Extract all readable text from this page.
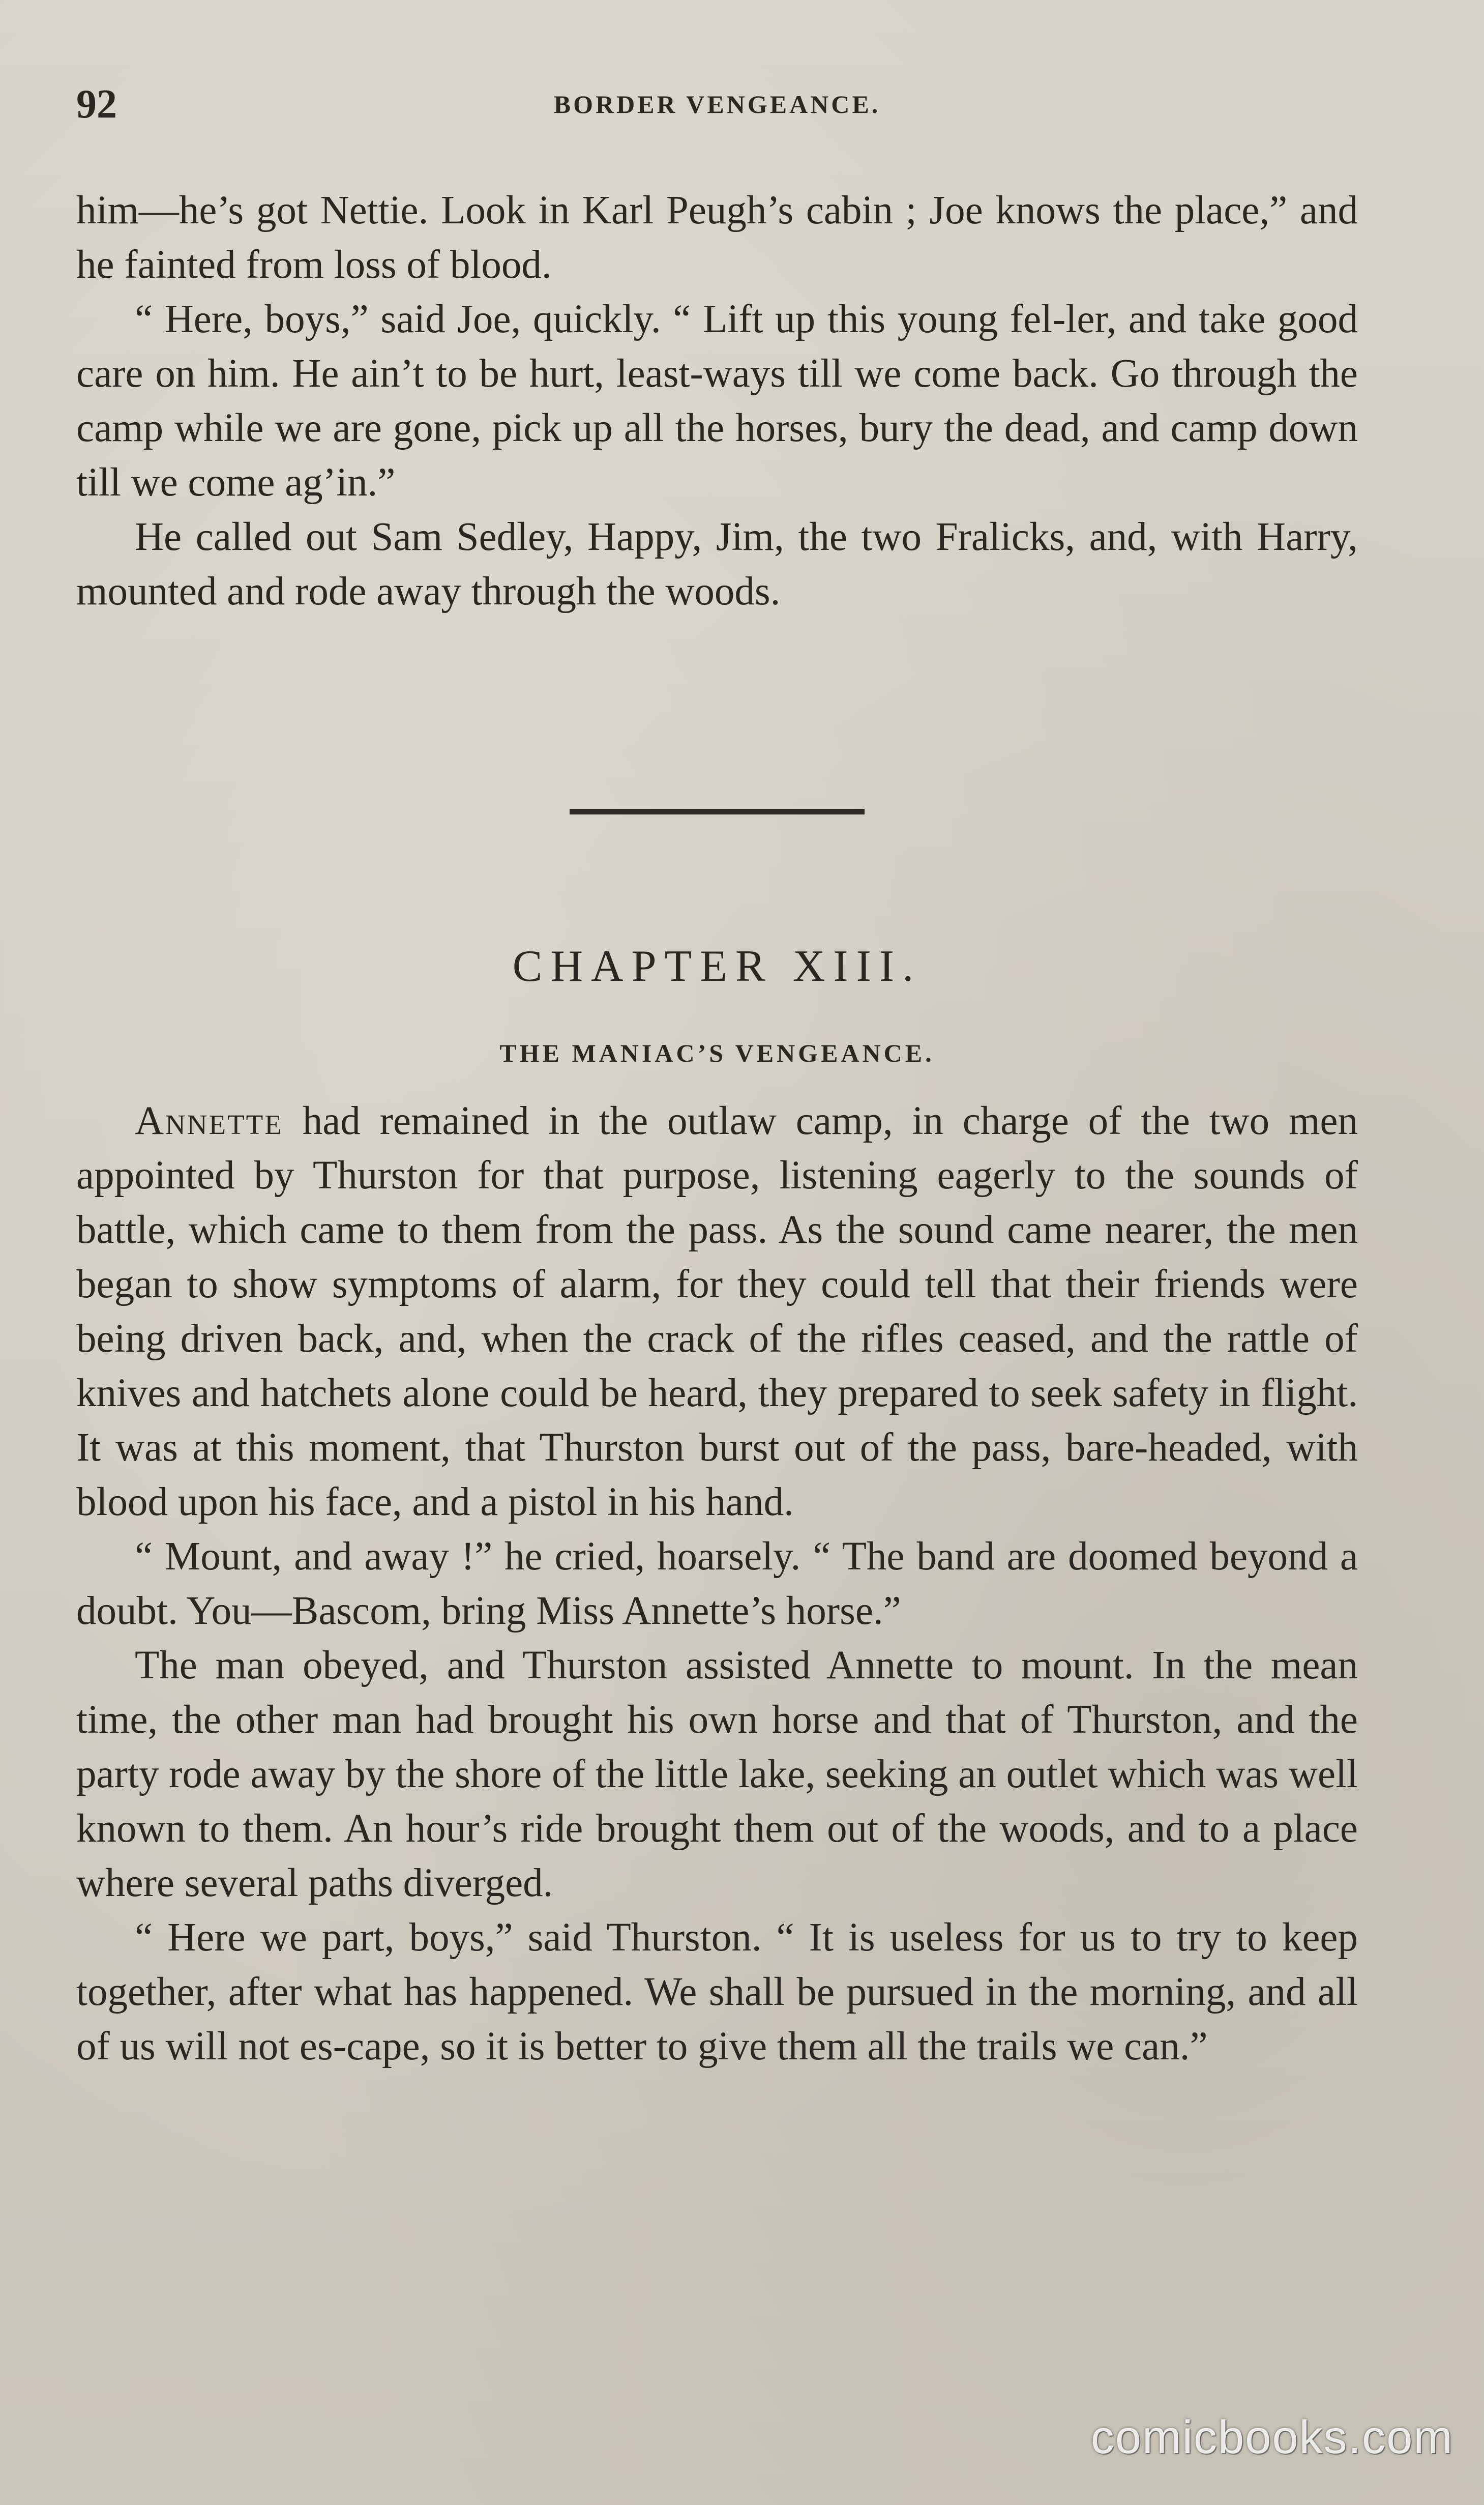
92	BORDER VENGEANCE.

him—he’s got Nettie. Look in Karl Peugh’s cabin ; Joe knows the place,” and he fainted from loss of blood.

“ Here, boys,” said Joe, quickly. “ Lift up this young fel-ler, and take good care on him. He ain’t to be hurt, least-ways till we come back. Go through the camp while we are gone, pick up all the horses, bury the dead, and camp down till we come ag’in.”

He called out Sam Sedley, Happy, Jim, the two Fralicks, and, with Harry, mounted and rode away through the woods.

CHAPTER XIII.
THE MANIAC’S VENGEANCE.

Annette had remained in the outlaw camp, in charge of the two men appointed by Thurston for that purpose, listening eagerly to the sounds of battle, which came to them from the pass. As the sound came nearer, the men began to show symptoms of alarm, for they could tell that their friends were being driven back, and, when the crack of the rifles ceased, and the rattle of knives and hatchets alone could be heard, they prepared to seek safety in flight. It was at this moment, that Thurston burst out of the pass, bare-headed, with blood upon his face, and a pistol in his hand.

“ Mount, and away !” he cried, hoarsely. “ The band are doomed beyond a doubt. You—Bascom, bring Miss Annette’s horse.”

The man obeyed, and Thurston assisted Annette to mount. In the mean time, the other man had brought his own horse and that of Thurston, and the party rode away by the shore of the little lake, seeking an outlet which was well known to them. An hour’s ride brought them out of the woods, and to a place where several paths diverged.

“ Here we part, boys,” said Thurston. “ It is useless for us to try to keep together, after what has happened. We shall be pursued in the morning, and all of us will not es-cape, so it is better to give them all the trails we can.”

comicbooks.com
